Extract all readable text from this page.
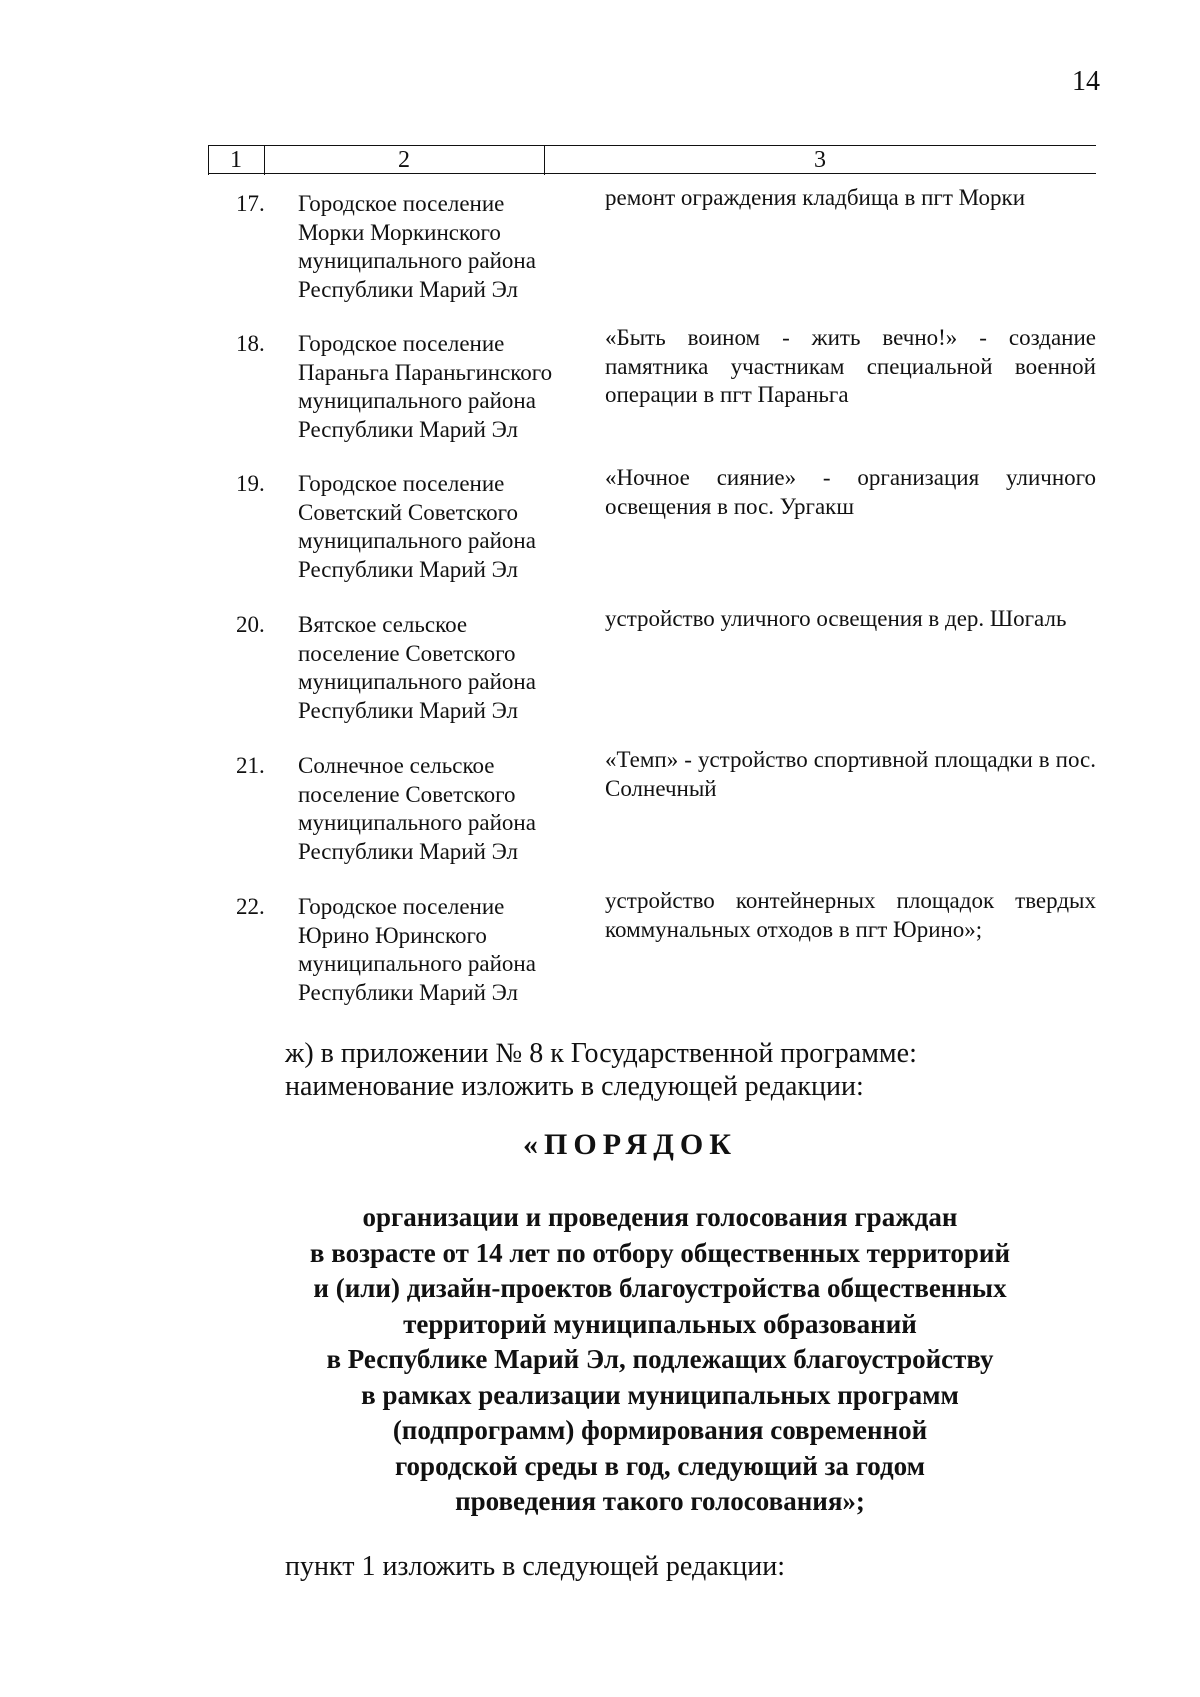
14
1	2	3
17. Городское поселение
Морки Моркинского
муниципального района
Республики Марий Эл
ремонт ограждения кладбища в пгт Морки
18. Городское поселение
Параньга Параньгинского
муниципального района
Республики Марий Эл
«Быть воином - жить вечно!» - создание памятника участникам специальной военной операции в пгт Параньга
19. Городское поселение
Советский Советского
муниципального района
Республики Марий Эл
«Ночное сияние» - организация уличного освещения в пос. Ургакш
20. Вятское сельское
поселение Советского
муниципального района
Республики Марий Эл
устройство уличного освещения в дер. Шогаль
21. Солнечное сельское
поселение Советского
муниципального района
Республики Марий Эл
«Темп» - устройство спортивной площадки в пос. Солнечный
22. Городское поселение
Юрино Юринского
муниципального района
Республики Марий Эл
устройство контейнерных площадок твердых коммунальных отходов в пгт Юрино»;
ж) в приложении № 8 к Государственной программе:
наименование изложить в следующей редакции:
«ПОРЯДОК
организации и проведения голосования граждан
в возрасте от 14 лет по отбору общественных территорий
и (или) дизайн-проектов благоустройства общественных
территорий муниципальных образований
в Республике Марий Эл, подлежащих благоустройству
в рамках реализации муниципальных программ
(подпрограмм) формирования современной
городской среды в год, следующий за годом
проведения такого голосования»;
пункт 1 изложить в следующей редакции:
